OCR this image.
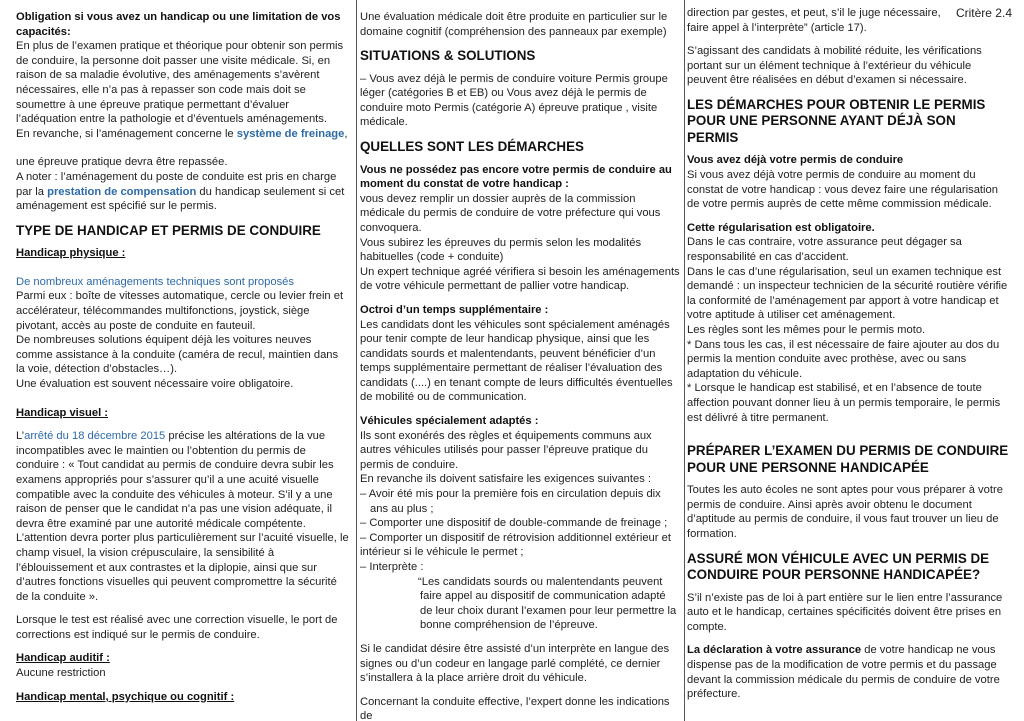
Critère 2.4

Obligation si vous avez un handicap ou une limitation de vos capacités:
En plus de l’examen pratique et théorique pour obtenir son permis de conduire, la personne doit passer une visite médicale. Si, en raison de sa maladie évolutive, des aménagements s’avèrent nécessaires, elle n’a pas à repasser son code mais doit se soumettre à une épreuve pratique permettant d’évaluer l’adéquation entre la pathologie et d’éventuels aménagements.
En revanche, si l’aménagement concerne le système de freinage,

une épreuve pratique devra être repassée.
A noter : l’aménagement du poste de conduite est pris en charge par la prestation de compensation du handicap seulement si cet aménagement est spécifié sur le permis.

TYPE DE HANDICAP ET PERMIS DE CONDUIRE

Handicap physique :

De nombreux aménagements techniques sont proposés
Parmi eux : boîte de vitesses automatique, cercle ou levier frein et accélérateur, télécommandes multifonctions, joystick, siège pivotant, accès au poste de conduite en fauteuil.
De nombreuses solutions équipent déjà les voitures neuves comme assistance à la conduite (caméra de recul, maintien dans la voie, détection d’obstacles…).
Une évaluation est souvent nécessaire voire obligatoire.

Handicap visuel :

L’arrêté du 18 décembre 2015 précise les altérations de la vue incompatibles avec le maintien ou l’obtention du permis de conduire : « Tout candidat au permis de conduire devra subir les examens appropriés pour s’assurer qu’il a une acuité visuelle compatible avec la conduite des véhicules à moteur. S’il y a une raison de penser que le candidat n’a pas une vision adéquate, il devra être examiné par une autorité médicale compétente. L’attention devra porter plus particulièrement sur l’acuité visuelle, le champ visuel, la vision crépusculaire, la sensibilité à l’éblouissement et aux contrastes et la diplopie, ainsi que sur d’autres fonctions visuelles qui peuvent compromettre la sécurité de la conduite ».

Lorsque le test est réalisé avec une correction visuelle, le port de corrections est indiqué sur le permis de conduire.

Handicap auditif :
Aucune restriction

Handicap mental, psychique ou cognitif :

Une évaluation médicale doit être produite en particulier sur le domaine cognitif (compréhension des panneaux par exemple)

SITUATIONS & SOLUTIONS

– Vous avez déjà le permis de conduire voiture Permis groupe léger (catégories B et EB) ou Vous avez déjà le permis de conduire moto Permis (catégorie A) épreuve pratique , visite médicale.

QUELLES SONT LES DÉMARCHES

Vous ne possédez pas encore votre permis de conduire au moment du constat de votre handicap :
vous devez remplir un dossier auprès de la commission médicale du permis de conduire de votre préfecture qui vous convoquera.
Vous subirez les épreuves du permis selon les modalités habituelles (code + conduite)
Un expert technique agréé vérifiera si besoin les aménagements de votre véhicule permettant de pallier votre handicap.

Octroi d’un temps supplémentaire :
Les candidats dont les véhicules sont spécialement aménagés pour tenir compte de leur handicap physique, ainsi que les candidats sourds et malentendants, peuvent bénéficier d’un temps supplémentaire permettant de réaliser l’évaluation des candidats (....) en tenant compte de leurs difficultés éventuelles de mobilité ou de communication.

Véhicules spécialement adaptés :
Ils sont exonérés des règles et équipements communs aux autres véhicules utilisés pour passer l’épreuve pratique du permis de conduire.
En revanche ils doivent satisfaire les exigences suivantes :
– Avoir été mis pour la première fois en circulation depuis dix
ans au plus ;
– Comporter une dispositif de double-commande de freinage ;
– Comporter un dispositif de rétrovision additionnel extérieur et intérieur si le véhicule le permet ;
– Interprète :

“Les candidats sourds ou malentendants peuvent faire appel au dispositif de communication adapté de leur choix durant l’examen pour leur permettre la bonne compréhension de l’épreuve.

Si le candidat désire être assisté d’un interprète en langue des signes ou d’un codeur en langage parlé complété, ce dernier s’installera à la place arrière droit du véhicule.

Concernant la conduite effective, l’expert donne les indications de

direction par gestes, et peut, s’il le juge nécessaire, faire appel à l’interprète” (article 17).

S’agissant des candidats à mobilité réduite, les vérifications portant sur un élément technique à l’extérieur du véhicule peuvent être réalisées en début d’examen si nécessaire.

LES DÉMARCHES POUR OBTENIR LE PERMIS POUR UNE PERSONNE AYANT DÉJÀ SON PERMIS

Vous avez déjà votre permis de conduire
Si vous avez déjà votre permis de conduire au moment du constat de votre handicap : vous devez faire une régularisation de votre permis auprès de cette même commission médicale.

Cette régularisation est obligatoire.
Dans le cas contraire, votre assurance peut dégager sa responsabilité en cas d’accident.
Dans le cas d’une régularisation, seul un examen technique est demandé : un inspecteur technicien de la sécurité routière vérifie la conformité de l’aménagement par apport à votre handicap et votre aptitude à utiliser cet aménagement.
Les règles sont les mêmes pour le permis moto.
* Dans tous les cas, il est nécessaire de faire ajouter au dos du permis la mention conduite avec prothèse, avec ou sans adaptation du véhicule.
* Lorsque le handicap est stabilisé, et en l’absence de toute affection pouvant donner lieu à un permis temporaire, le permis est délivré à titre permanent.

PRÉPARER L’EXAMEN DU PERMIS DE CONDUIRE POUR UNE PERSONNE HANDICAPÉE

Toutes les auto écoles ne sont aptes pour vous préparer à votre permis de conduire. Ainsi après avoir obtenu le document d’aptitude au permis de conduire, il vous faut trouver un lieu de formation.

ASSURÉ MON VÉHICULE AVEC UN PERMIS DE CONDUIRE POUR PERSONNE HANDICAPÉE?

S’il n’existe pas de loi à part entière sur le lien entre l’assurance auto et le handicap, certaines spécificités doivent être prises en compte.

La déclaration à votre assurance de votre handicap ne vous dispense pas de la modification de votre permis et du passage devant la commission médicale du permis de conduire de votre préfecture.
